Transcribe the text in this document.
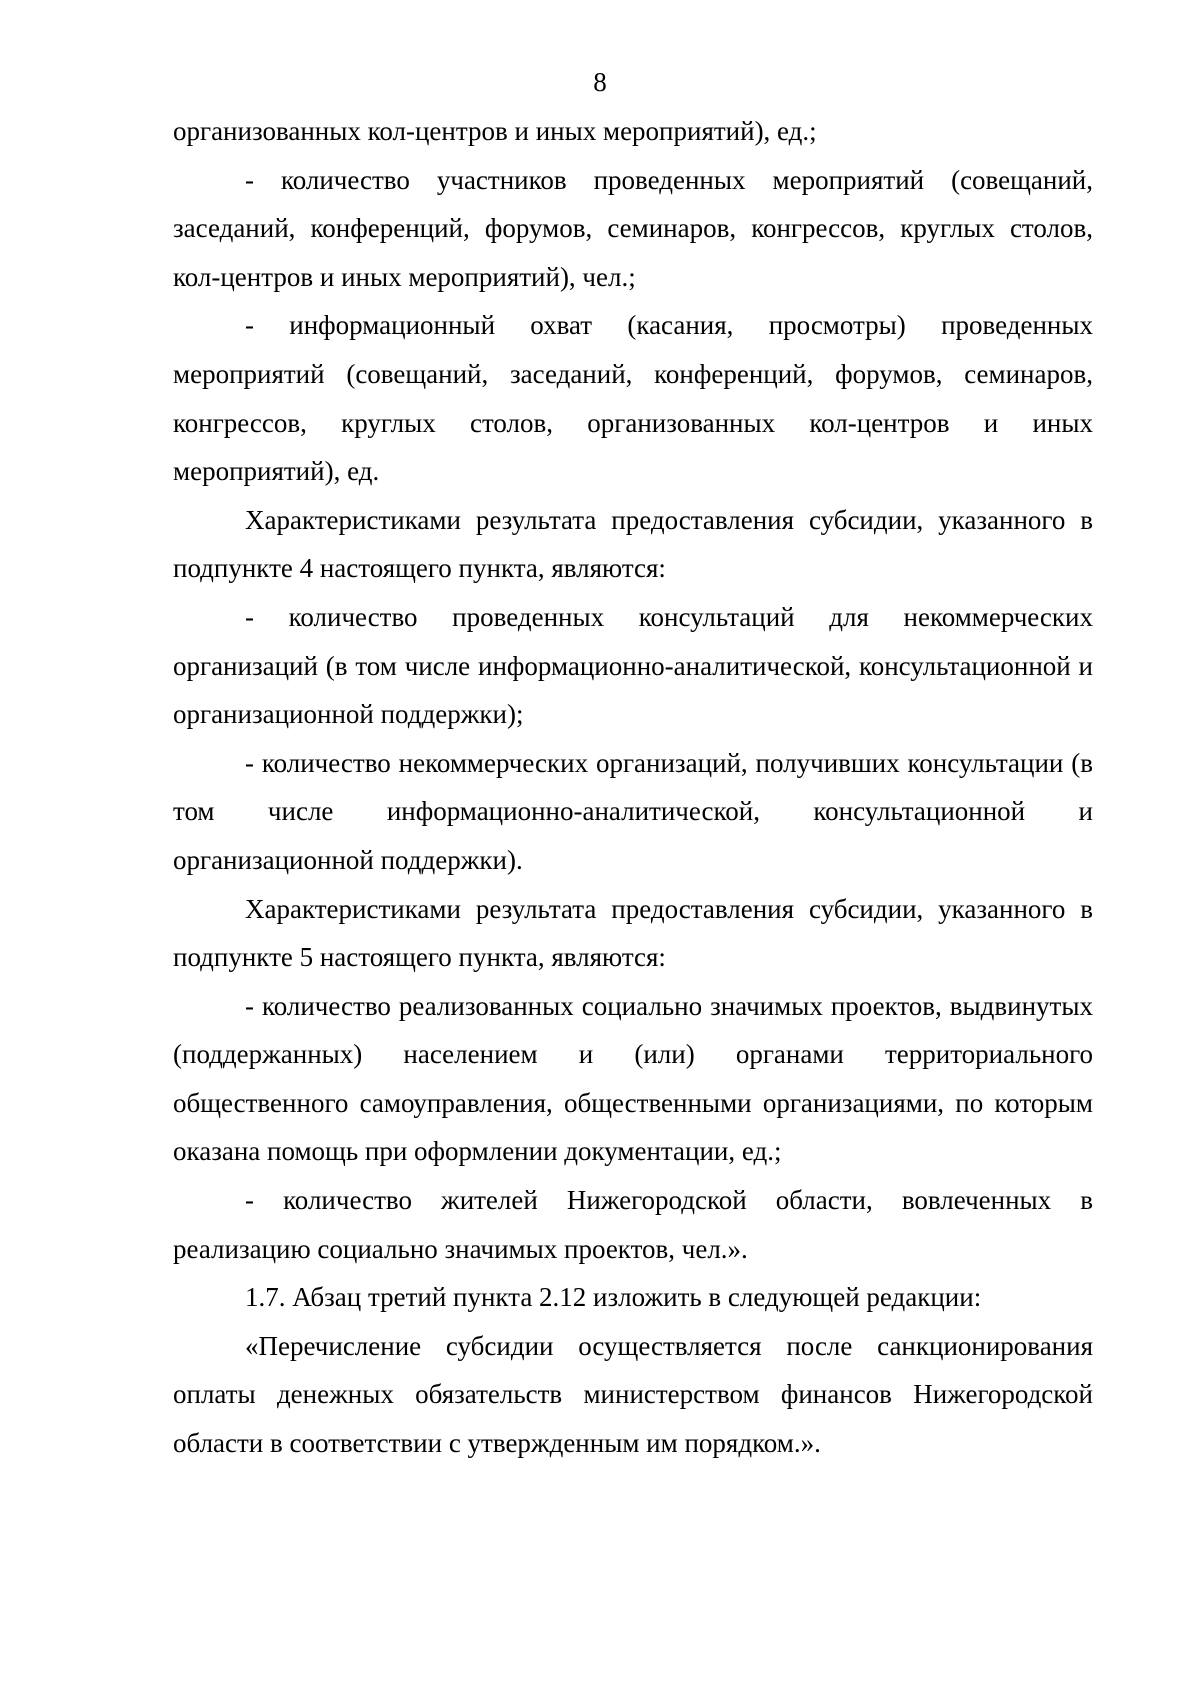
8

организованных кол-центров и иных мероприятий), ед.;

- количество участников проведенных мероприятий (совещаний, заседаний, конференций, форумов, семинаров, конгрессов, круглых столов, кол-центров и иных мероприятий), чел.;

- информационный охват (касания, просмотры) проведенных мероприятий (совещаний, заседаний, конференций, форумов, семинаров, конгрессов, круглых столов, организованных кол-центров и иных мероприятий), ед.

Характеристиками результата предоставления субсидии, указанного в подпункте 4 настоящего пункта, являются:

- количество проведенных консультаций для некоммерческих организаций (в том числе информационно-аналитической, консультационной и организационной поддержки);

- количество некоммерческих организаций, получивших консультации (в том числе информационно-аналитической, консультационной и организационной поддержки).

Характеристиками результата предоставления субсидии, указанного в подпункте 5 настоящего пункта, являются:

- количество реализованных социально значимых проектов, выдвинутых (поддержанных) населением и (или) органами территориального общественного самоуправления, общественными организациями, по которым оказана помощь при оформлении документации, ед.;

- количество жителей Нижегородской области, вовлеченных в реализацию социально значимых проектов, чел.».

1.7. Абзац третий пункта 2.12 изложить в следующей редакции:

«Перечисление субсидии осуществляется после санкционирования оплаты денежных обязательств министерством финансов Нижегородской области в соответствии с утвержденным им порядком.».
